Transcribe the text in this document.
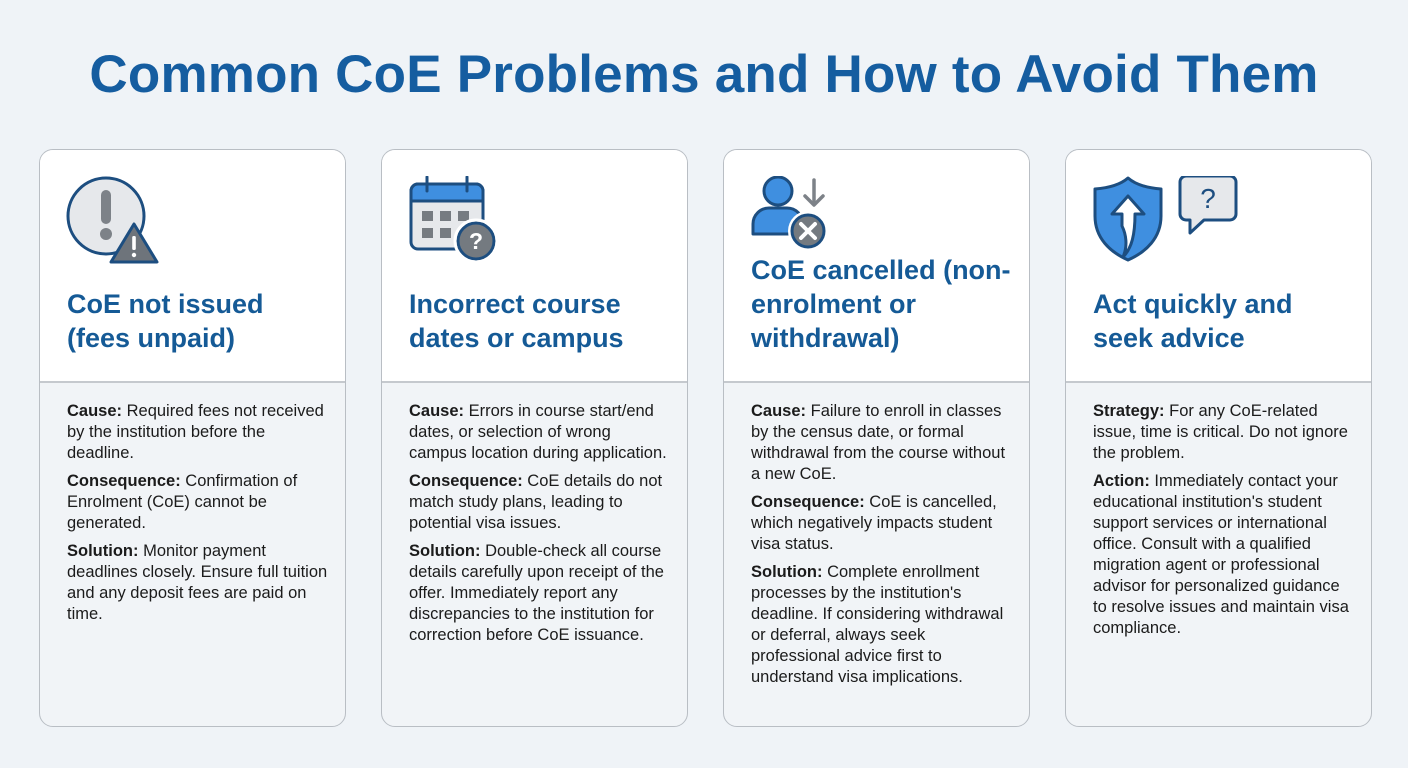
Common CoE Problems and How to Avoid Them
CoE not issued (fees unpaid)

Cause: Required fees not received by the institution before the deadline.

Consequence: Confirmation of Enrolment (CoE) cannot be generated.

Solution: Monitor payment deadlines closely. Ensure full tuition and any deposit fees are paid on time.

?
Incorrect course dates or campus

Cause: Errors in course start/end dates, or selection of wrong campus location during application.

Consequence: CoE details do not match study plans, leading to potential visa issues.

Solution: Double-check all course details carefully upon receipt of the offer. Immediately report any discrepancies to the institution for correction before CoE issuance.

CoE cancelled (non-enrolment or withdrawal)

Cause: Failure to enroll in classes by the census date, or formal withdrawal from the course without a new CoE.

Consequence: CoE is cancelled, which negatively impacts student visa status.

Solution: Complete enrollment processes by the institution's deadline. If considering withdrawal or deferral, always seek professional advice first to understand visa implications.

?
Act quickly and seek advice

Strategy: For any CoE-related issue, time is critical. Do not ignore the problem.

Action: Immediately contact your educational institution's student support services or international office. Consult with a qualified migration agent or professional advisor for personalized guidance to resolve issues and maintain visa compliance.
